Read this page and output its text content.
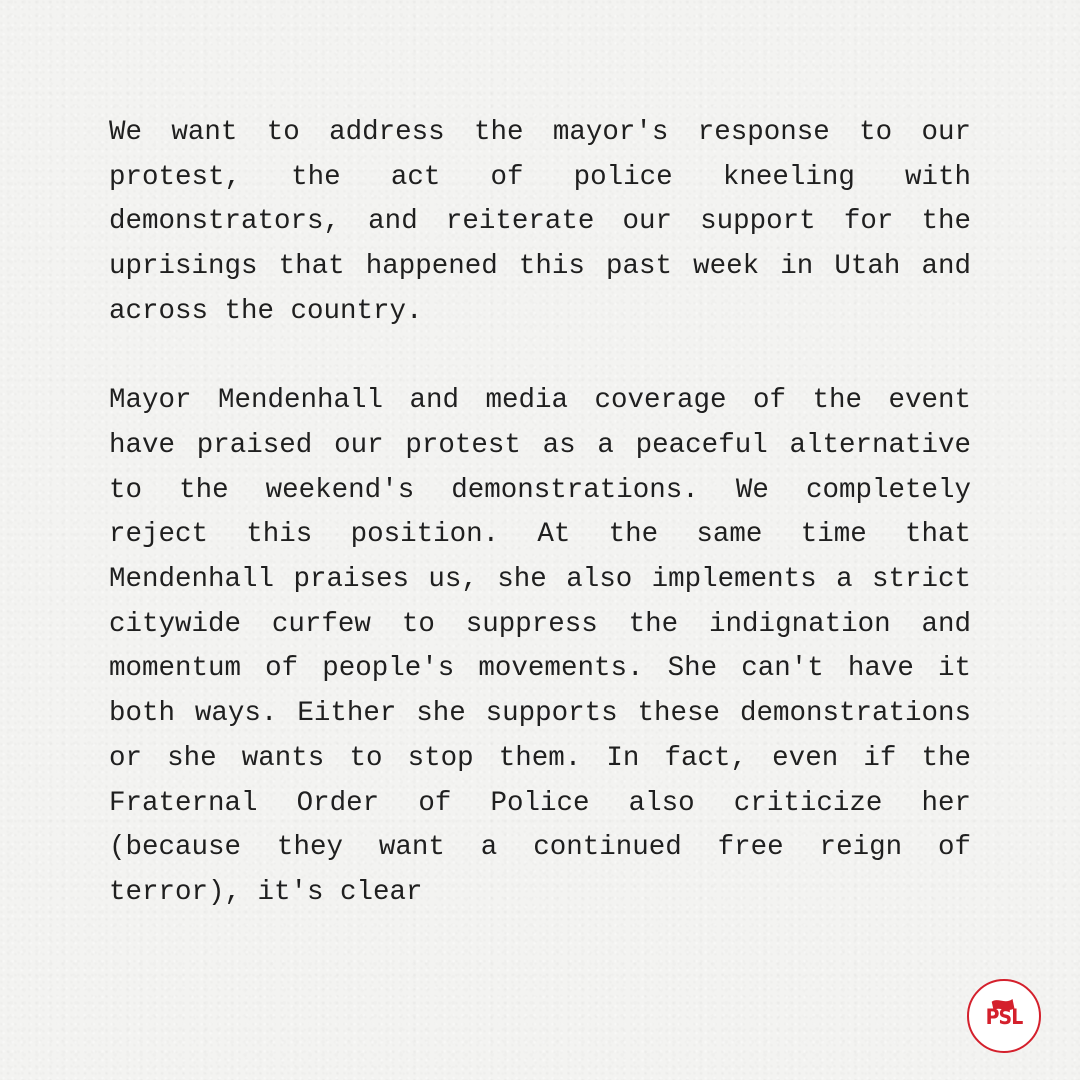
We want to address the mayor's response to our protest, the act of police kneeling with demonstrators, and reiterate our support for the uprisings that happened this past week in Utah and across the country.

Mayor Mendenhall and media coverage of the event have praised our protest as a peaceful alternative to the weekend's demonstrations. We completely reject this position. At the same time that Mendenhall praises us, she also implements a strict citywide curfew to suppress the indignation and momentum of people's movements. She can't have it both ways. Either she supports these demonstrations or she wants to stop them. In fact, even if the Fraternal Order of Police also criticize her (because they want a continued free reign of terror), it's clear

PSL
